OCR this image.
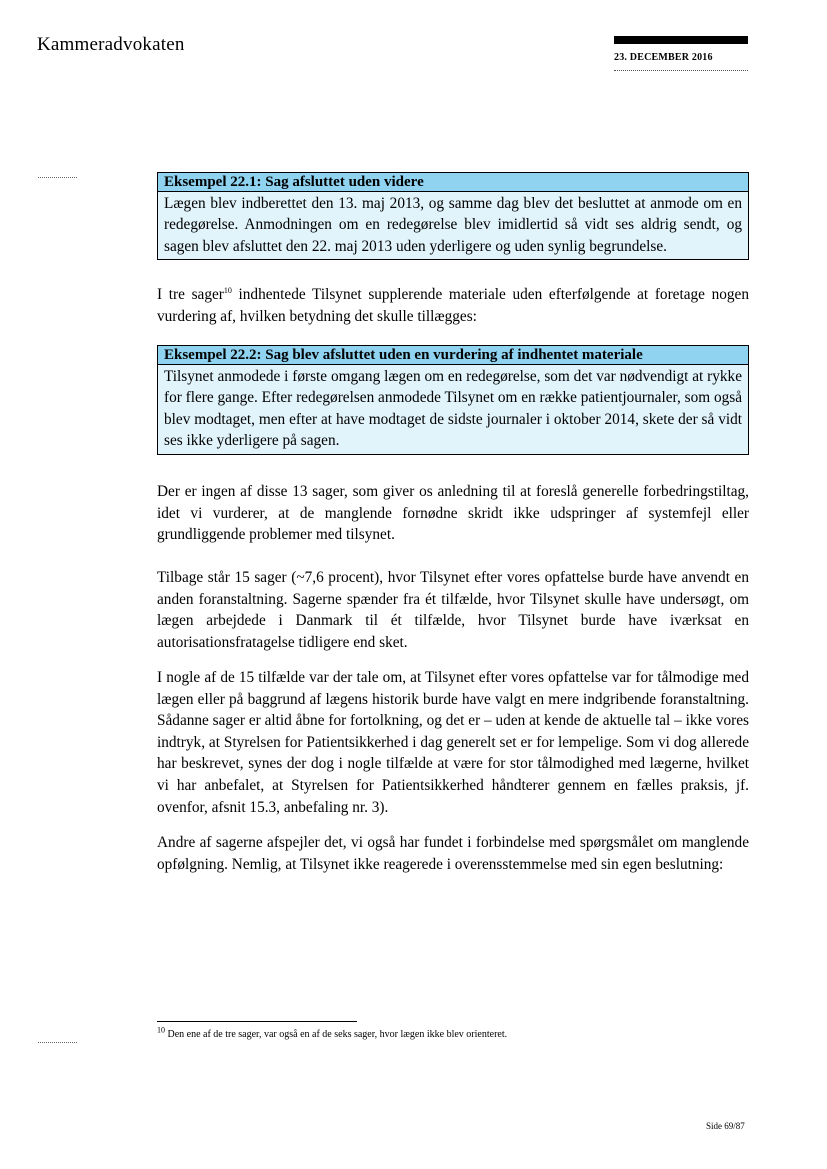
Kammeradvokaten
23. DECEMBER 2016
Eksempel 22.1: Sag afsluttet uden videre
Lægen blev indberettet den 13. maj 2013, og samme dag blev det besluttet at anmode om en redegørelse. Anmodningen om en redegørelse blev imidlertid så vidt ses aldrig sendt, og sagen blev afsluttet den 22. maj 2013 uden yderligere og uden synlig begrundelse.

I tre sager$^{10}$ indhentede Tilsynet supplerende materiale uden efterfølgende at foretage nogen vurdering af, hvilken betydning det skulle tillægges:

Eksempel 22.2: Sag blev afsluttet uden en vurdering af indhentet materiale
Tilsynet anmodede i første omgang lægen om en redegørelse, som det var nødvendigt at rykke for flere gange. Efter redegørelsen anmodede Tilsynet om en række patientjournaler, som også blev modtaget, men efter at have modtaget de sidste journaler i oktober 2014, skete der så vidt ses ikke yderligere på sagen.

Der er ingen af disse 13 sager, som giver os anledning til at foreslå generelle forbedringstiltag, idet vi vurderer, at de manglende fornødne skridt ikke udspringer af systemfejl eller grundliggende problemer med tilsynet.

Tilbage står 15 sager (~7,6 procent), hvor Tilsynet efter vores opfattelse burde have anvendt en anden foranstaltning. Sagerne spænder fra ét tilfælde, hvor Tilsynet skulle have undersøgt, om lægen arbejdede i Danmark til ét tilfælde, hvor Tilsynet burde have iværksat en autorisationsfratagelse tidligere end sket.

I nogle af de 15 tilfælde var der tale om, at Tilsynet efter vores opfattelse var for tålmodige med lægen eller på baggrund af lægens historik burde have valgt en mere indgribende foranstaltning. Sådanne sager er altid åbne for fortolkning, og det er – uden at kende de aktuelle tal – ikke vores indtryk, at Styrelsen for Patientsikkerhed i dag generelt set er for lempelige. Som vi dog allerede har beskrevet, synes der dog i nogle tilfælde at være for stor tålmodighed med lægerne, hvilket vi har anbefalet, at Styrelsen for Patientsikkerhed håndterer gennem en fælles praksis, jf. ovenfor, afsnit 15.3, anbefaling nr. 3).

Andre af sagerne afspejler det, vi også har fundet i forbindelse med spørgsmålet om manglende opfølgning. Nemlig, at Tilsynet ikke reagerede i overensstemmelse med sin egen beslutning:

$^{10}$ Den ene af de tre sager, var også en af de seks sager, hvor lægen ikke blev orienteret.
Side 69/87
